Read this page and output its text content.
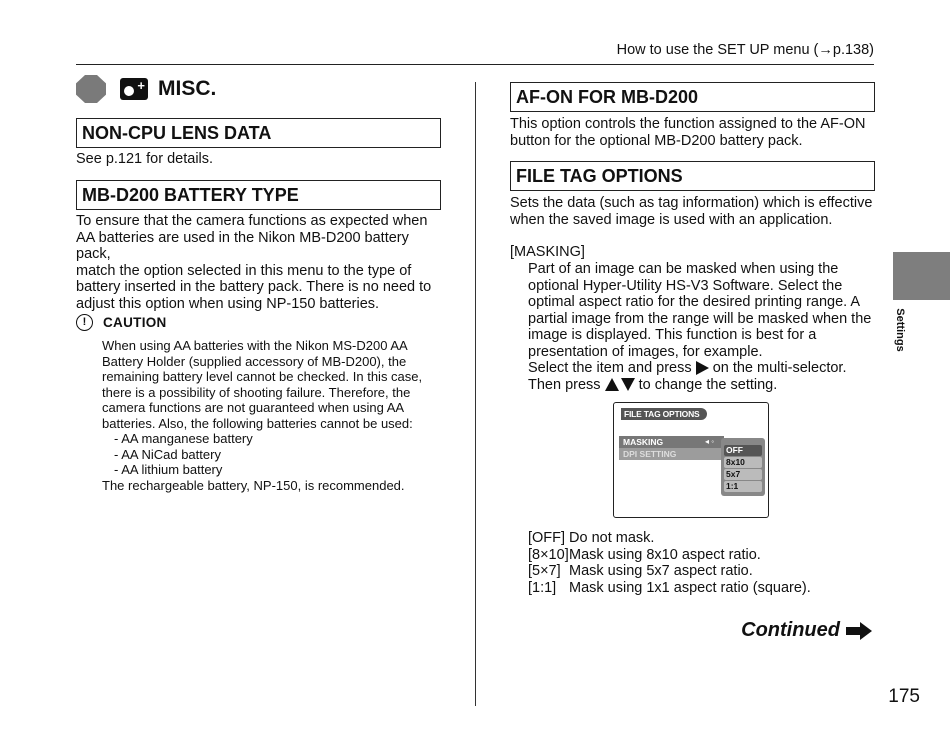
How to use the SET UP menu (→p.138)
+ MISC.
NON-CPU LENS DATA

See p.121 for details.

MB-D200 BATTERY TYPE

To ensure that the camera functions as expected when

AA batteries are used in the Nikon MB-D200 battery pack,

match the option selected in this menu to the type of

battery inserted in the battery pack. There is no need to

adjust this option when using NP-150 batteries.

!	CAUTION

When using AA batteries with the Nikon MS-D200 AA

Battery Holder (supplied accessory of MB-D200), the

remaining battery level cannot be checked. In this case,

there is a possibility of shooting failure. Therefore, the

camera functions are not guaranteed when using AA

batteries. Also, the following batteries cannot be used:

- AA manganese battery
- AA NiCad battery
- AA lithium battery

The rechargeable battery, NP-150, is recommended.

AF-ON FOR MB-D200

This option controls the function assigned to the AF-ON

button for the optional MB-D200 battery pack.

FILE TAG OPTIONS

Sets the data (such as tag information) which is effective

when the saved image is used with an application.

[MASKING]

Part of an image can be masked when using the

optional Hyper-Utility HS-V3 Software. Select the

optimal aspect ratio for the desired printing range. A

partial image from the range will be masked when the

image is displayed. This function is best for a

presentation of images, for example.

Select the item and press on the multi-selector.

Then press	to change the setting.

FILE TAG OPTIONS
MASKING
DPI SETTING
◂ ◦
OFF
8x10
5x7
1:1
[OFF] Do not mask.
[8×10] Mask using 8x10 aspect ratio.
[5×7] Mask using 5x7 aspect ratio.
[1:1] Mask using 1x1 aspect ratio (square).
Continued
175
Settings
